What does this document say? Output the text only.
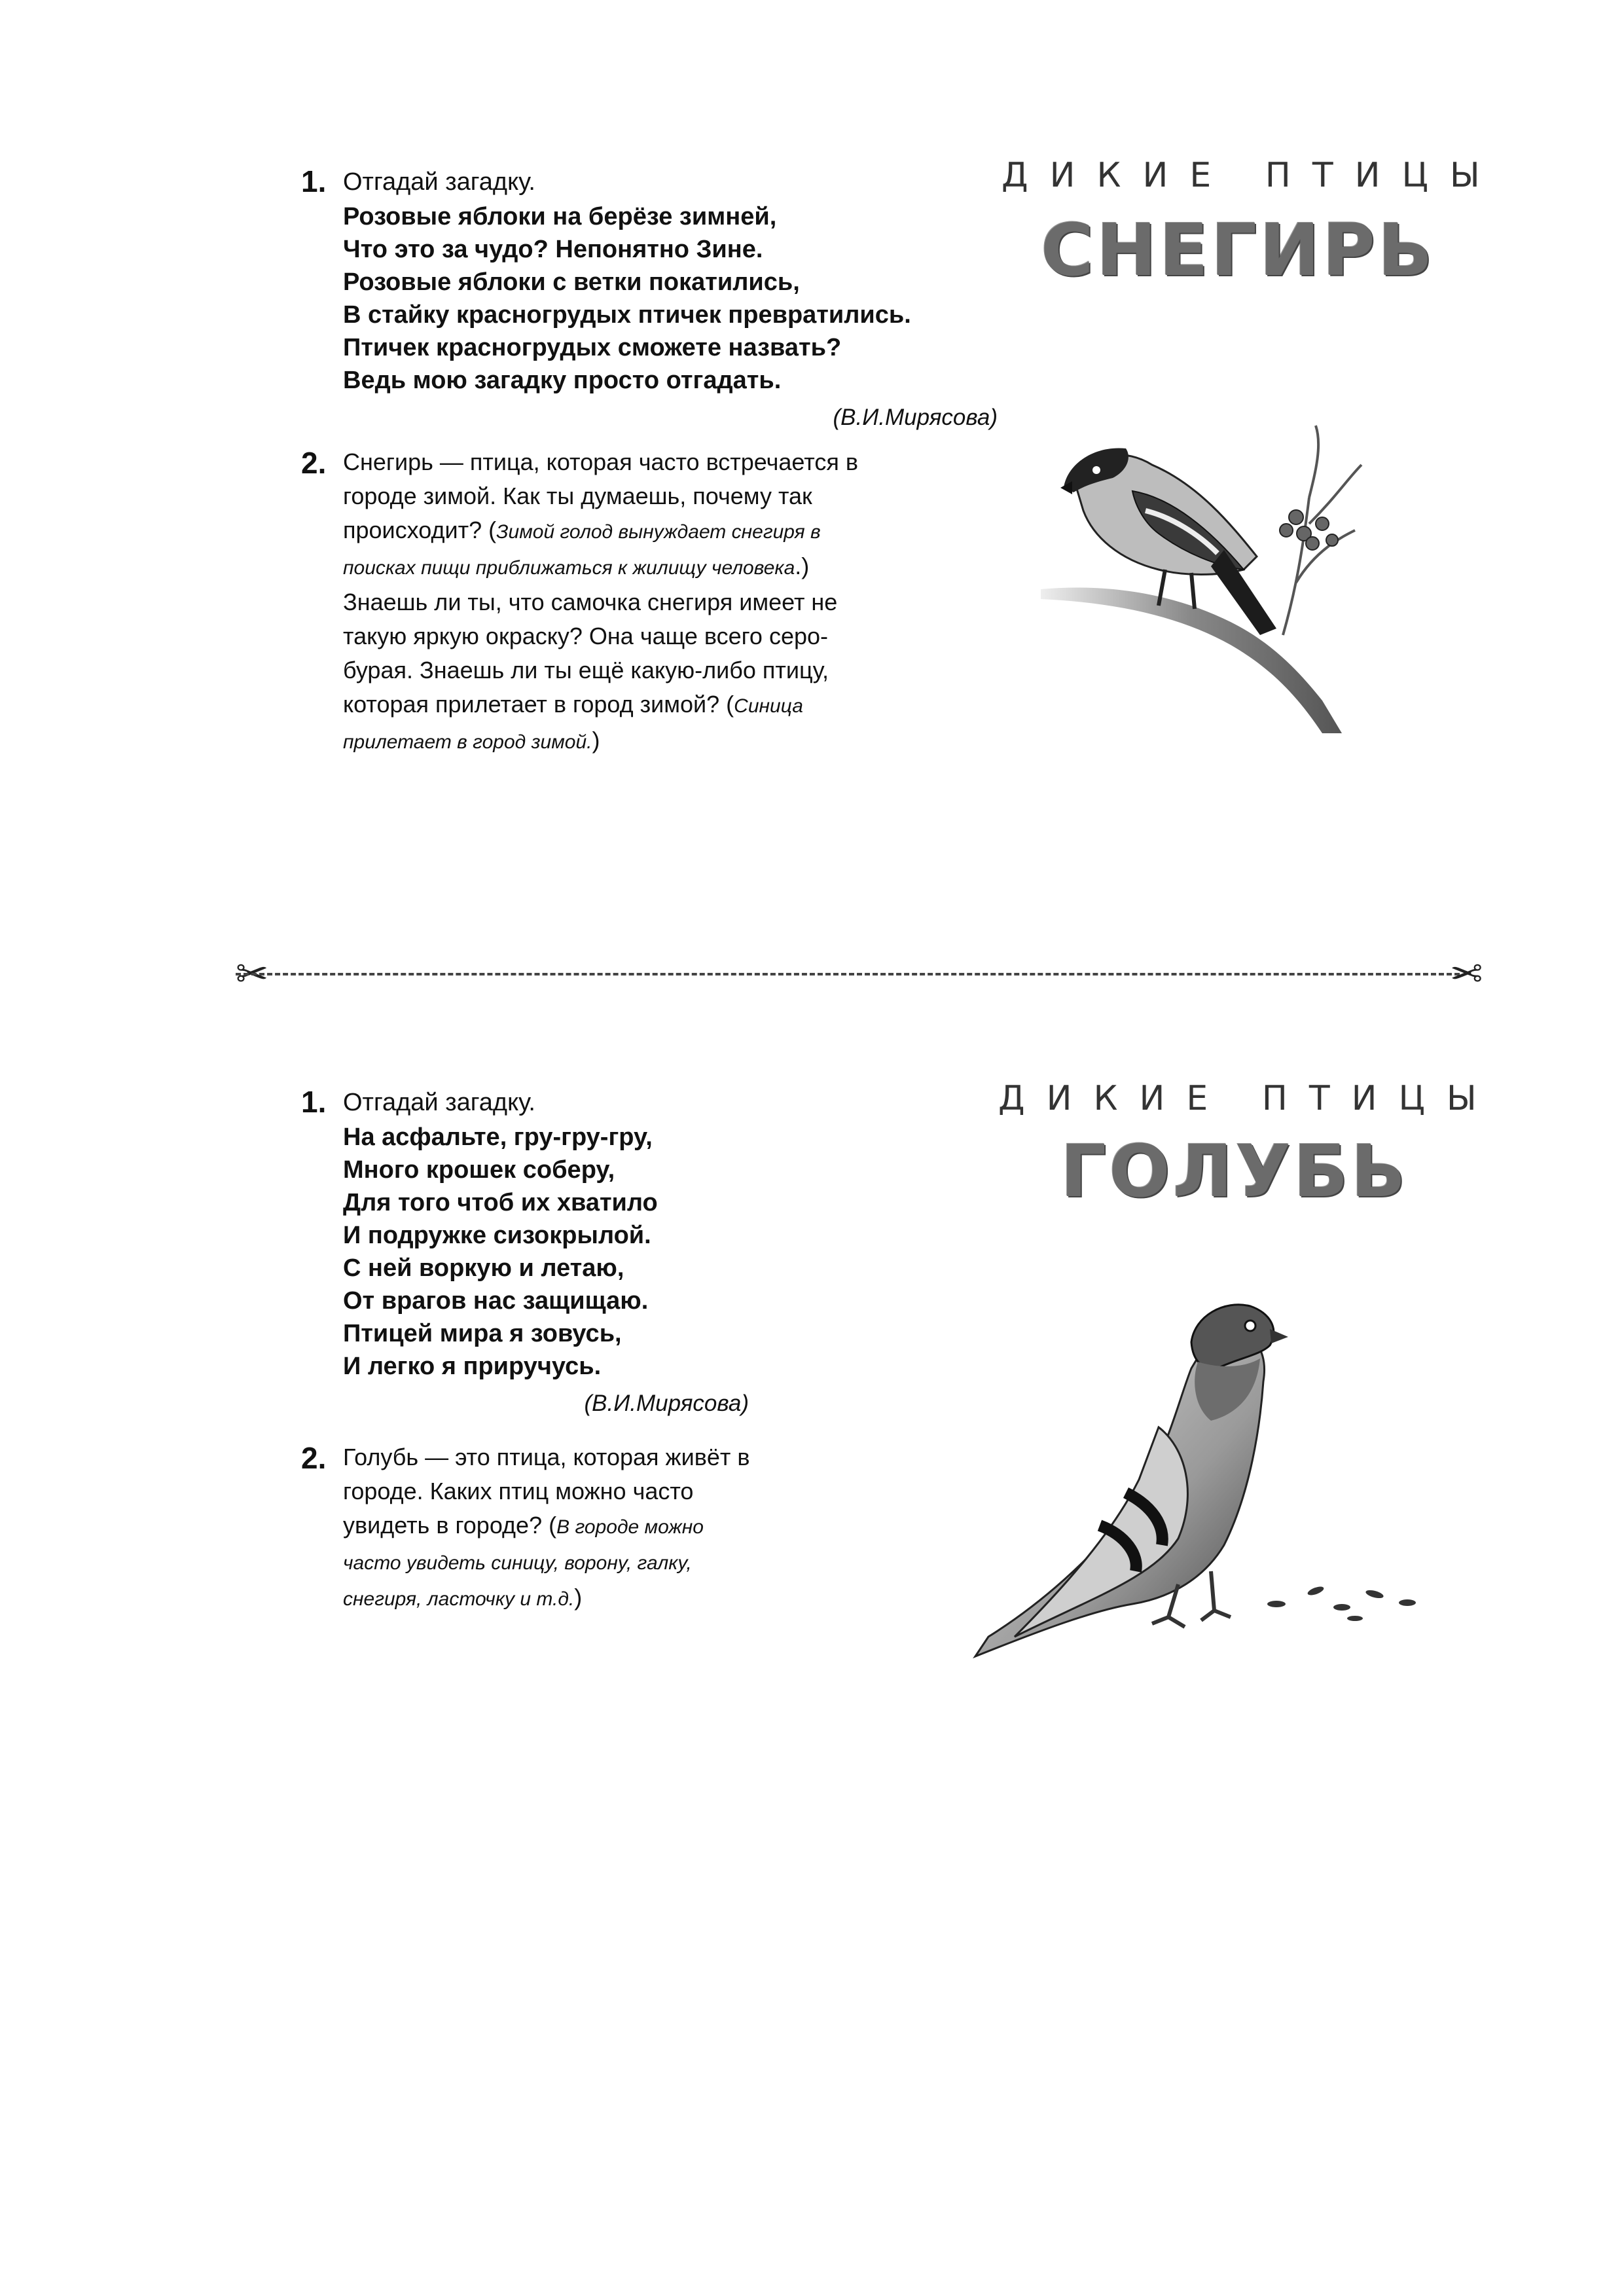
1. Отгадай загадку.

Розовые яблоки на берёзе зимней,

Что это за чудо? Непонятно Зине.

Розовые яблоки с ветки покатились,

В стайку красногрудых птичек превратились.

Птичек красногрудых сможете назвать?

Ведь мою загадку просто отгадать.

(В.И.Мирясова)
2. Снегирь — птица, которая часто встречается в городе зимой. Как ты думаешь, почему так происходит? (Зимой голод вынуждает снегиря в поисках пищи приближаться к жилищу человека.) Знаешь ли ты, что самочка снегиря имеет не такую яркую окраску? Она чаще всего серо-бурая. Знаешь ли ты ещё какую-либо птицу, которая прилетает в город зимой? (Синица прилетает в город зимой.)
ДИКИЕ ПТИЦЫ
СНЕГИРЬ
✂	✂
1. Отгадай загадку.

На асфальте, гру-гру-гру,

Много крошек соберу,

Для того чтоб их хватило

И подружке сизокрылой.

С ней воркую и летаю,

От врагов нас защищаю.

Птицей мира я зовусь,

И легко я приручусь.

(В.И.Мирясова)
2. Голубь — это птица, которая живёт в городе. Каких птиц можно часто увидеть в городе? (В городе можно часто увидеть синицу, ворону, галку, снегиря, ласточку и т.д.)
ДИКИЕ ПТИЦЫ
ГОЛУБЬ
